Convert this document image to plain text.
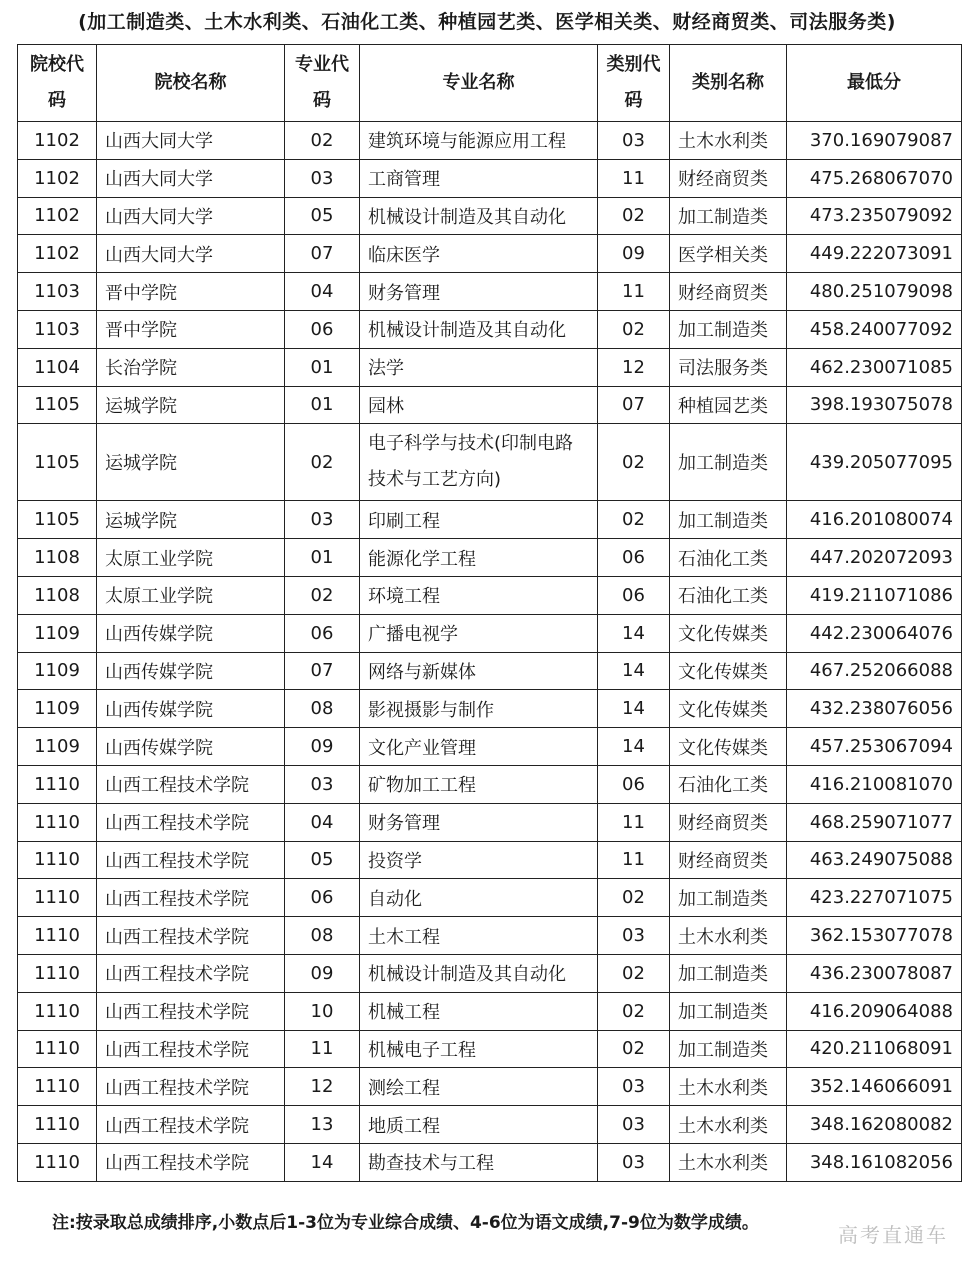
(加工制造类、土木水利类、石油化工类、种植园艺类、医学相关类、财经商贸类、司法服务类)
院校代码	院校名称	专业代码	专业名称	类别代码	类别名称	最低分
1102	山西大同大学	02	建筑环境与能源应用工程	03	土木水利类	370.169079087
1102	山西大同大学	03	工商管理	11	财经商贸类	475.268067070
1102	山西大同大学	05	机械设计制造及其自动化	02	加工制造类	473.235079092
1102	山西大同大学	07	临床医学	09	医学相关类	449.222073091
1103	晋中学院	04	财务管理	11	财经商贸类	480.251079098
1103	晋中学院	06	机械设计制造及其自动化	02	加工制造类	458.240077092
1104	长治学院	01	法学	12	司法服务类	462.230071085
1105	运城学院	01	园林	07	种植园艺类	398.193075078
1105	运城学院	02	电子科学与技术(印制电路技术与工艺方向)	02	加工制造类	439.205077095
1105	运城学院	03	印刷工程	02	加工制造类	416.201080074
1108	太原工业学院	01	能源化学工程	06	石油化工类	447.202072093
1108	太原工业学院	02	环境工程	06	石油化工类	419.211071086
1109	山西传媒学院	06	广播电视学	14	文化传媒类	442.230064076
1109	山西传媒学院	07	网络与新媒体	14	文化传媒类	467.252066088
1109	山西传媒学院	08	影视摄影与制作	14	文化传媒类	432.238076056
1109	山西传媒学院	09	文化产业管理	14	文化传媒类	457.253067094
1110	山西工程技术学院	03	矿物加工工程	06	石油化工类	416.210081070
1110	山西工程技术学院	04	财务管理	11	财经商贸类	468.259071077
1110	山西工程技术学院	05	投资学	11	财经商贸类	463.249075088
1110	山西工程技术学院	06	自动化	02	加工制造类	423.227071075
1110	山西工程技术学院	08	土木工程	03	土木水利类	362.153077078
1110	山西工程技术学院	09	机械设计制造及其自动化	02	加工制造类	436.230078087
1110	山西工程技术学院	10	机械工程	02	加工制造类	416.209064088
1110	山西工程技术学院	11	机械电子工程	02	加工制造类	420.211068091
1110	山西工程技术学院	12	测绘工程	03	土木水利类	352.146066091
1110	山西工程技术学院	13	地质工程	03	土木水利类	348.162080082
1110	山西工程技术学院	14	勘查技术与工程	03	土木水利类	348.161082056
注:按录取总成绩排序,小数点后1-3位为专业综合成绩、4-6位为语文成绩,7-9位为数学成绩。	高考直通车
